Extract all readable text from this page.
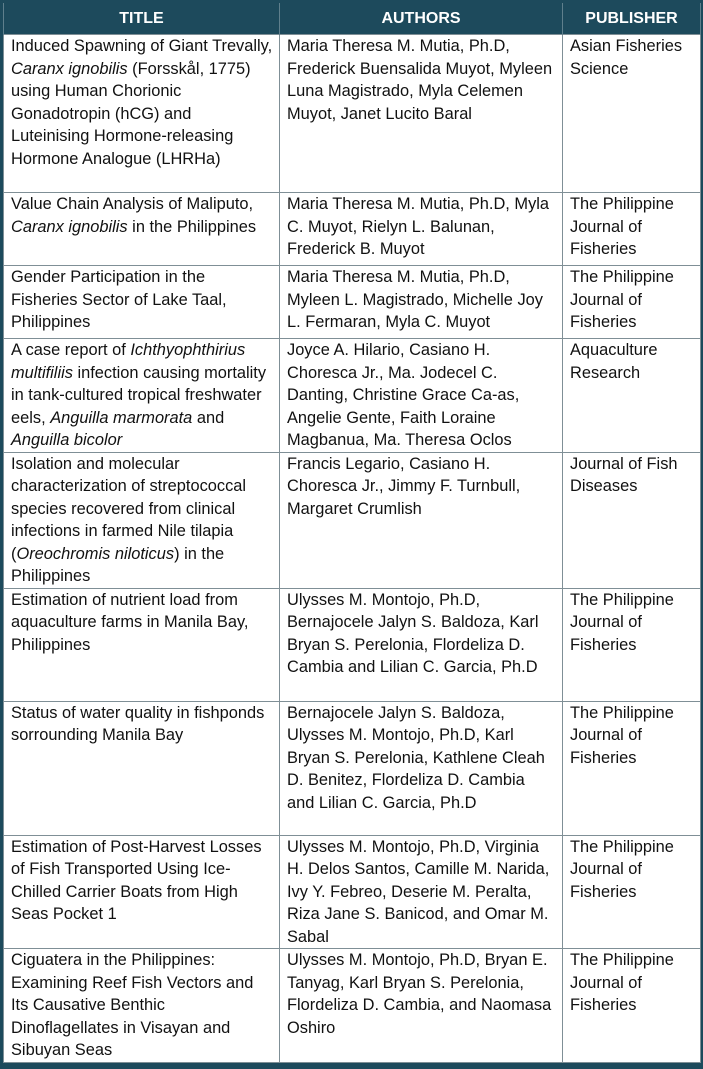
TITLE	AUTHORS	PUBLISHER
Induced Spawning of Giant Trevally, Caranx ignobilis (Forsskål, 1775) using Human Chorionic Gonadotropin (hCG) and Luteinising Hormone-releasing Hormone Analogue (LHRHa)	Maria Theresa M. Mutia, Ph.D, Frederick Buensalida Muyot, Myleen Luna Magistrado, Myla Celemen Muyot, Janet Lucito Baral	Asian Fisheries Science
Value Chain Analysis of Maliputo, Caranx ignobilis in the Philippines	Maria Theresa M. Mutia, Ph.D, Myla C. Muyot, Rielyn L. Balunan, Frederick B. Muyot	The Philippine Journal of Fisheries
Gender Participation in the Fisheries Sector of Lake Taal, Philippines	Maria Theresa M. Mutia, Ph.D, Myleen L. Magistrado, Michelle Joy L. Fermaran, Myla C. Muyot	The Philippine Journal of Fisheries
A case report of Ichthyophthirius multifiliis infection causing mortality in tank-cultured tropical freshwater eels, Anguilla marmorata and Anguilla bicolor	Joyce A. Hilario, Casiano H. Choresca Jr., Ma. Jodecel C. Danting, Christine Grace Ca-as, Angelie Gente, Faith Loraine Magbanua, Ma. Theresa Oclos	Aquaculture Research
Isolation and molecular characterization of streptococcal species recovered from clinical infections in farmed Nile tilapia (Oreochromis niloticus) in the Philippines	Francis Legario, Casiano H. Choresca Jr., Jimmy F. Turnbull, Margaret Crumlish	Journal of Fish Diseases
Estimation of nutrient load from aquaculture farms in Manila Bay, Philippines	Ulysses M. Montojo, Ph.D, Bernajocele Jalyn S. Baldoza, Karl Bryan S. Perelonia, Flordeliza D. Cambia and Lilian C. Garcia, Ph.D	The Philippine Journal of Fisheries
Status of water quality in fishponds sorrounding Manila Bay	Bernajocele Jalyn S. Baldoza, Ulysses M. Montojo, Ph.D, Karl Bryan S. Perelonia, Kathlene Cleah D. Benitez, Flordeliza D. Cambia and Lilian C. Garcia, Ph.D	The Philippine Journal of Fisheries
Estimation of Post-Harvest Losses of Fish Transported Using Ice-Chilled Carrier Boats from High Seas Pocket 1	Ulysses M. Montojo, Ph.D, Virginia H. Delos Santos, Camille M. Narida, Ivy Y. Febreo, Deserie M. Peralta, Riza Jane S. Banicod, and Omar M. Sabal	The Philippine Journal of Fisheries
Ciguatera in the Philippines: Examining Reef Fish Vectors and Its Causative Benthic Dinoflagellates in Visayan and Sibuyan Seas	Ulysses M. Montojo, Ph.D, Bryan E. Tanyag, Karl Bryan S. Perelonia, Flordeliza D. Cambia, and Naomasa Oshiro	The Philippine Journal of Fisheries
